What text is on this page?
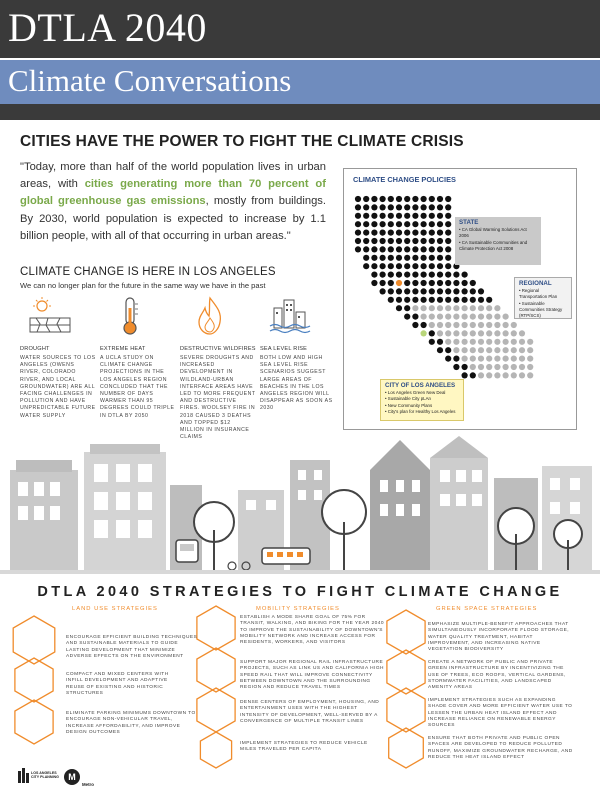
DTLA 2040
Climate Conversations
CITIES HAVE THE POWER TO FIGHT THE CLIMATE CRISIS
"Today, more than half of the world population lives in urban areas, with cities generating more than 70 percent of global greenhouse gas emissions, mostly from buildings. By 2030, world population is expected to increase by 1.1 billion people, with all of that occurring in urban areas."
CLIMATE CHANGE IS HERE IN LOS ANGELES
We can no longer plan for the future in the same way we have in the past
DROUGHT
WATER SOURCES TO LOS ANGELES (OWENS RIVER, COLORADO RIVER, AND LOCAL GROUNDWATER) ARE ALL FACING CHALLENGES IN POLLUTION AND HAVE UNPREDICTABLE FUTURE WATER SUPPLY
EXTREME HEAT
A UCLA STUDY ON CLIMATE CHANGE PROJECTIONS IN THE LOS ANGELES REGION CONCLUDED THAT THE NUMBER OF DAYS WARMER THAN 95 DEGREES COULD TRIPLE IN DTLA BY 2050
DESTRUCTIVE WILDFIRES
SEVERE DROUGHTS AND INCREASED DEVELOPMENT IN WILDLAND-URBAN INTERFACE AREAS HAVE LED TO MORE FREQUENT AND DESTRUCTIVE FIRES. WOOLSEY FIRE IN 2018 CAUSED 3 DEATHS AND TOPPED $12 MILLION IN INSURANCE CLAIMS
SEA LEVEL RISE
BOTH LOW AND HIGH SEA LEVEL RISE SCENARIOS SUGGEST LARGE AREAS OF BEACHES IN THE LOS ANGELES REGION WILL DISAPPEAR AS SOON AS 2030
CLIMATE CHANGE POLICIES
STATE
• CA Global Warming Solutions Act 2006
• CA Sustainable Communities and Climate Protection Act 2008
REGIONAL
• Regional Transportation Plan
• Sustainable Communities Strategy (RTP/SCS)
CITY OF LOS ANGELES
• Los Angeles Green New Deal
• Sustainable City pLAn
• New Community Plans
• City's plan for Healthy Los Angeles
DTLA 2040 STRATEGIES TO FIGHT CLIMATE CHANGE
LAND USE STRATEGIES	MOBILITY STRATEGIES	GREEN SPACE STRATEGIES
ENCOURAGE EFFICIENT BUILDING TECHNIQUES AND SUSTAINABLE MATERIALS TO GUIDE LASTING DEVELOPMENT THAT MINIMIZE ADVERSE EFFECTS ON THE ENVIRONMENT
COMPACT AND MIXED CENTERS WITH INFILL DEVELOPMENT AND ADAPTIVE REUSE OF EXISTING AND HISTORIC STRUCTURES
ELIMINATE PARKING MINIMUMS DOWNTOWN TO ENCOURAGE NON-VEHICULAR TRAVEL, INCREASE AFFORDABILITY, AND IMPROVE DESIGN OUTCOMES
ESTABLISH A MODE SHARE GOAL OF 75% FOR TRANSIT, WALKING, AND BIKING FOR THE YEAR 2040 TO IMPROVE THE SUSTAINABILITY OF DOWNTOWN'S MOBILITY NETWORK AND INCREASE ACCESS FOR RESIDENTS, WORKERS, AND VISITORS
SUPPORT MAJOR REGIONAL RAIL INFRASTRUCTURE PROJECTS, SUCH AS LINK US AND CALIFORNIA HIGH SPEED RAIL THAT WILL IMPROVE CONNECTIVITY BETWEEN DOWNTOWN AND THE SURROUNDING REGION AND REDUCE TRAVEL TIMES
DENSE CENTERS OF EMPLOYMENT, HOUSING, AND ENTERTAINMENT USES WITH THE HIGHEST INTENSITY OF DEVELOPMENT, WELL-SERVED BY A CONVERGENCE OF MULTIPLE TRANSIT LINES
IMPLEMENT STRATEGIES TO REDUCE VEHICLE MILES TRAVELED PER CAPITA
EMPHASIZE MULTIPLE-BENEFIT APPROACHES THAT SIMULTANEOUSLY INCORPORATE FLOOD STORAGE, WATER QUALITY TREATMENT, HABITAT IMPROVEMENT, AND INCREASING NATIVE VEGETATION BIODIVERSITY
CREATE A NETWORK OF PUBLIC AND PRIVATE GREEN INFRASTRUCTURE BY INCENTIVIZING THE USE OF TREES, ECO ROOFS, VERTICAL GARDENS, STORMWATER FACILITIES, AND LANDSCAPED AMENITY AREAS
IMPLEMENT STRATEGIES SUCH AS EXPANDING SHADE COVER AND MORE EFFICIENT WATER USE TO LESSEN THE URBAN HEAT ISLAND EFFECT AND INCREASE RELIANCE ON RENEWABLE ENERGY SOURCES
ENSURE THAT BOTH PRIVATE AND PUBLIC OPEN SPACES ARE DEVELOPED TO REDUCE POLLUTED RUNOFF, MAXIMIZE GROUNDWATER RECHARGE, AND REDUCE THE HEAT ISLAND EFFECT
M
LOS ANGELES CITY PLANNING
Metro
